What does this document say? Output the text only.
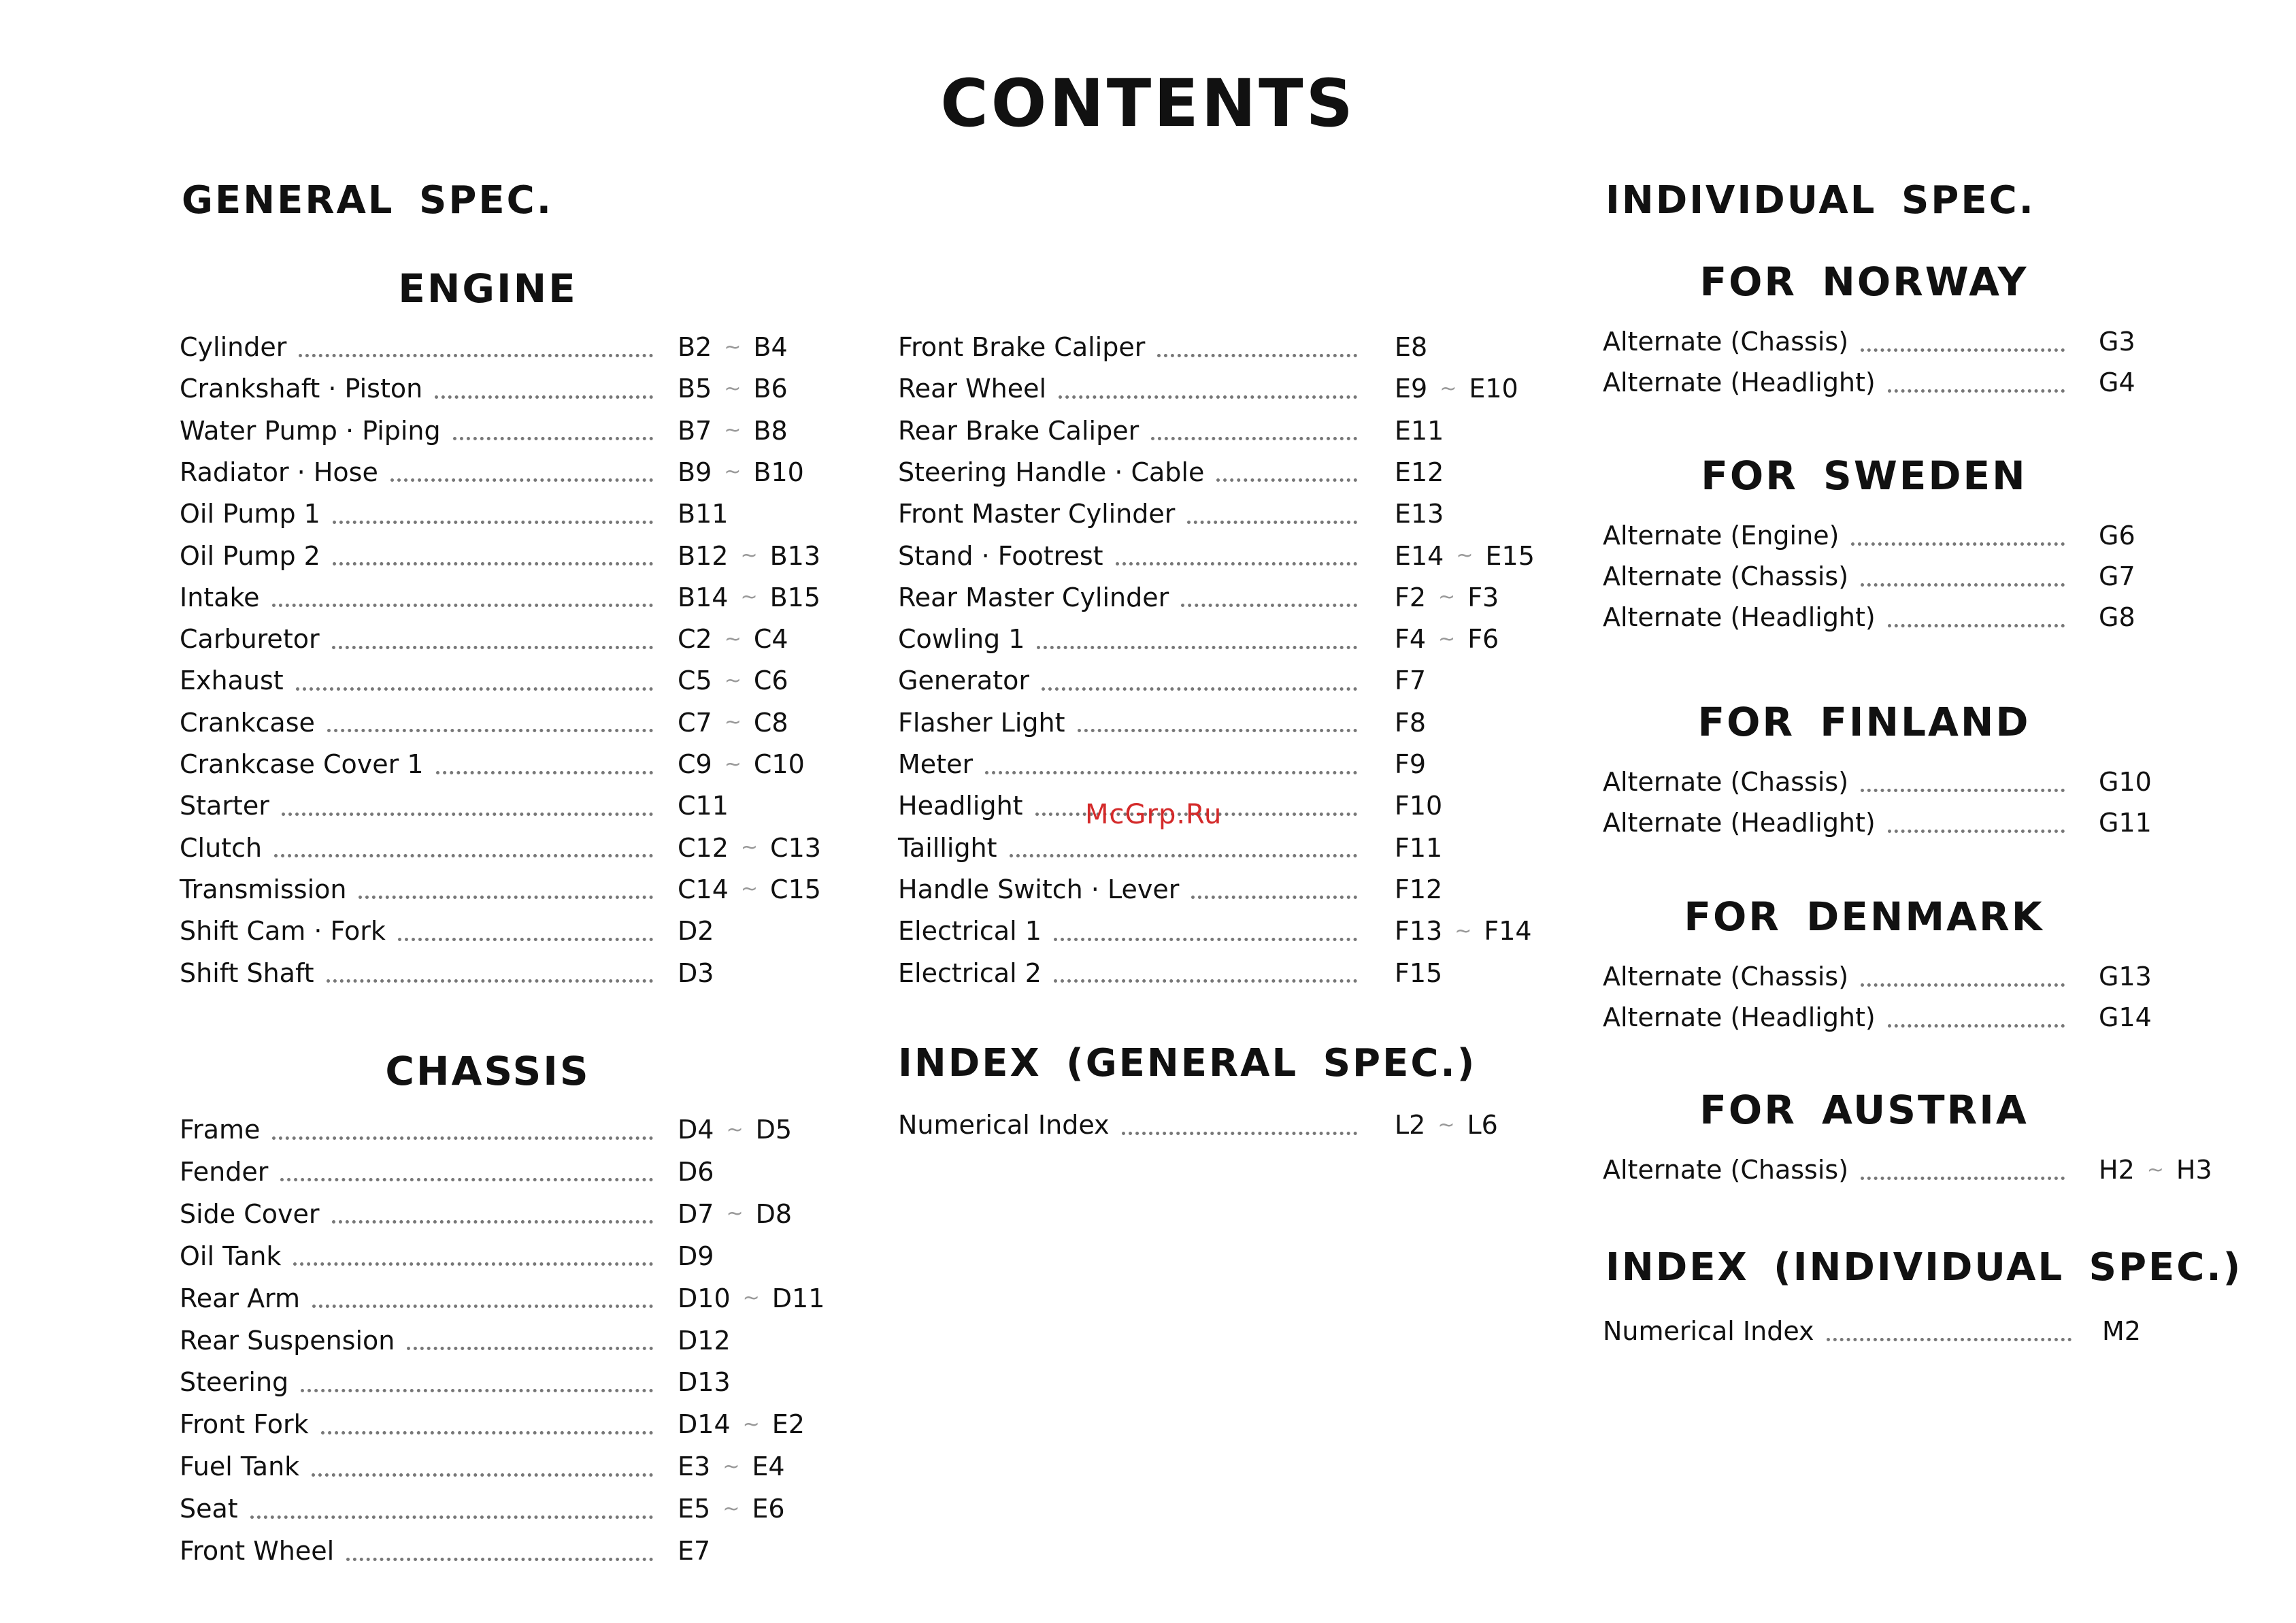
CONTENTS
GENERAL SPEC.
ENGINE
Cylinder	B2 ~ B4
Crankshaft · Piston	B5 ~ B6
Water Pump · Piping	B7 ~ B8
Radiator · Hose	B9 ~ B10
Oil Pump 1	B11
Oil Pump 2	B12 ~ B13
Intake	B14 ~ B15
Carburetor	C2 ~ C4
Exhaust	C5 ~ C6
Crankcase	C7 ~ C8
Crankcase Cover 1	C9 ~ C10
Starter	C11
Clutch	C12 ~ C13
Transmission	C14 ~ C15
Shift Cam · Fork	D2
Shift Shaft	D3
CHASSIS
Frame	D4 ~ D5
Fender	D6
Side Cover	D7 ~ D8
Oil Tank	D9
Rear Arm	D10 ~ D11
Rear Suspension	D12
Steering	D13
Front Fork	D14 ~ E2
Fuel Tank	E3 ~ E4
Seat	E5 ~ E6
Front Wheel	E7
Front Brake Caliper	E8
Rear Wheel	E9 ~ E10
Rear Brake Caliper	E11
Steering Handle · Cable	E12
Front Master Cylinder	E13
Stand · Footrest	E14 ~ E15
Rear Master Cylinder	F2 ~ F3
Cowling 1	F4 ~ F6
Generator	F7
Flasher Light	F8
Meter	F9
Headlight	F10
Taillight	F11
Handle Switch · Lever	F12
Electrical 1	F13 ~ F14
Electrical 2	F15
INDEX (GENERAL SPEC.)
Numerical Index	L2 ~ L6
INDIVIDUAL SPEC.
FOR NORWAY
Alternate (Chassis)	G3
Alternate (Headlight)	G4
FOR SWEDEN
Alternate (Engine)	G6
Alternate (Chassis)	G7
Alternate (Headlight)	G8
FOR FINLAND
Alternate (Chassis)	G10
Alternate (Headlight)	G11
FOR DENMARK
Alternate (Chassis)	G13
Alternate (Headlight)	G14
FOR AUSTRIA
Alternate (Chassis)	H2 ~ H3
INDEX (INDIVIDUAL SPEC.)
Numerical Index	M2
McGrp.Ru
